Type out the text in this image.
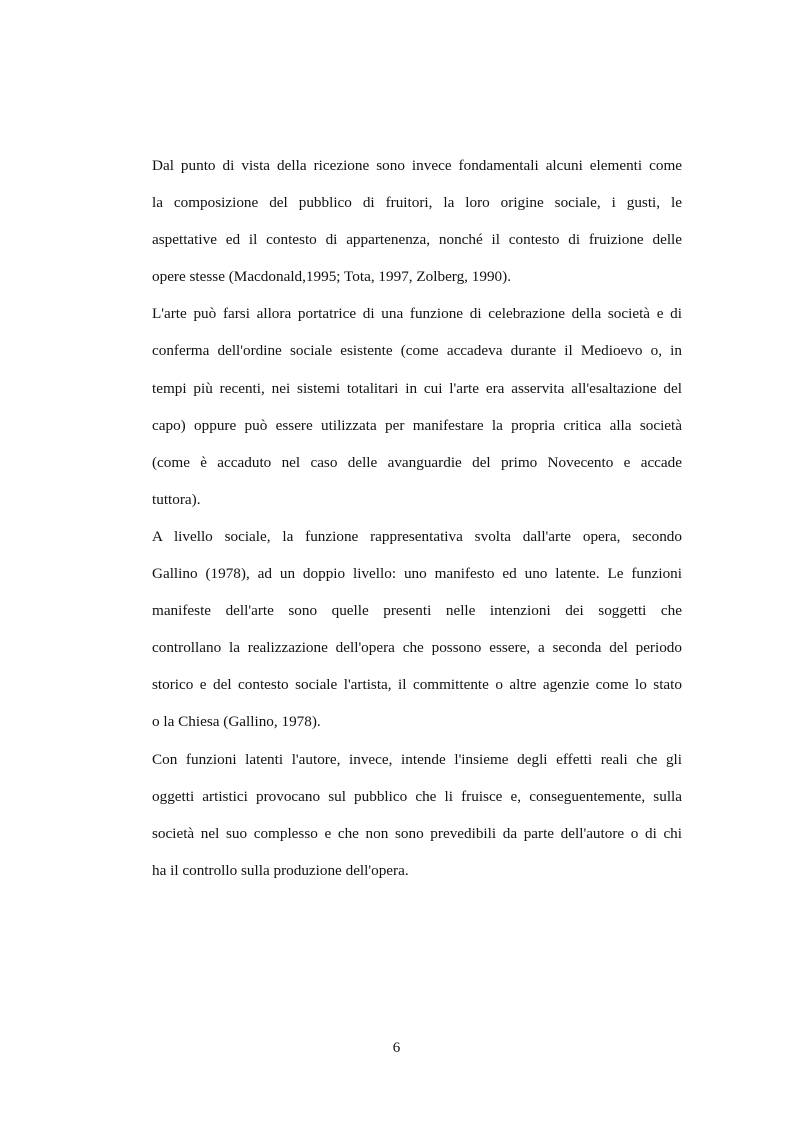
Dal punto di vista della ricezione sono invece fondamentali alcuni elementi come
la composizione del pubblico di fruitori, la loro origine sociale, i gusti, le
aspettative ed il contesto di appartenenza, nonché il contesto di fruizione delle
opere stesse (Macdonald,1995; Tota, 1997, Zolberg, 1990).

L'arte può farsi allora portatrice di una funzione di celebrazione della società e di
conferma dell'ordine sociale esistente (come accadeva durante il Medioevo o, in
tempi più recenti, nei sistemi totalitari in cui l'arte era asservita all'esaltazione del
capo) oppure può essere utilizzata per manifestare la propria critica alla società
(come è accaduto nel caso delle avanguardie del primo Novecento e accade
tuttora).

A livello sociale, la funzione rappresentativa svolta dall'arte opera, secondo
Gallino (1978), ad un doppio livello: uno manifesto ed uno latente. Le funzioni
manifeste dell'arte sono quelle presenti nelle intenzioni dei soggetti che
controllano la realizzazione dell'opera che possono essere, a seconda del periodo
storico e del contesto sociale l'artista, il committente o altre agenzie come lo stato
o la Chiesa (Gallino, 1978).

Con funzioni latenti l'autore, invece, intende l'insieme degli effetti reali che gli
oggetti artistici provocano sul pubblico che li fruisce e, conseguentemente, sulla
società nel suo complesso e che non sono prevedibili da parte dell'autore o di chi
ha il controllo sulla produzione dell'opera.

6
